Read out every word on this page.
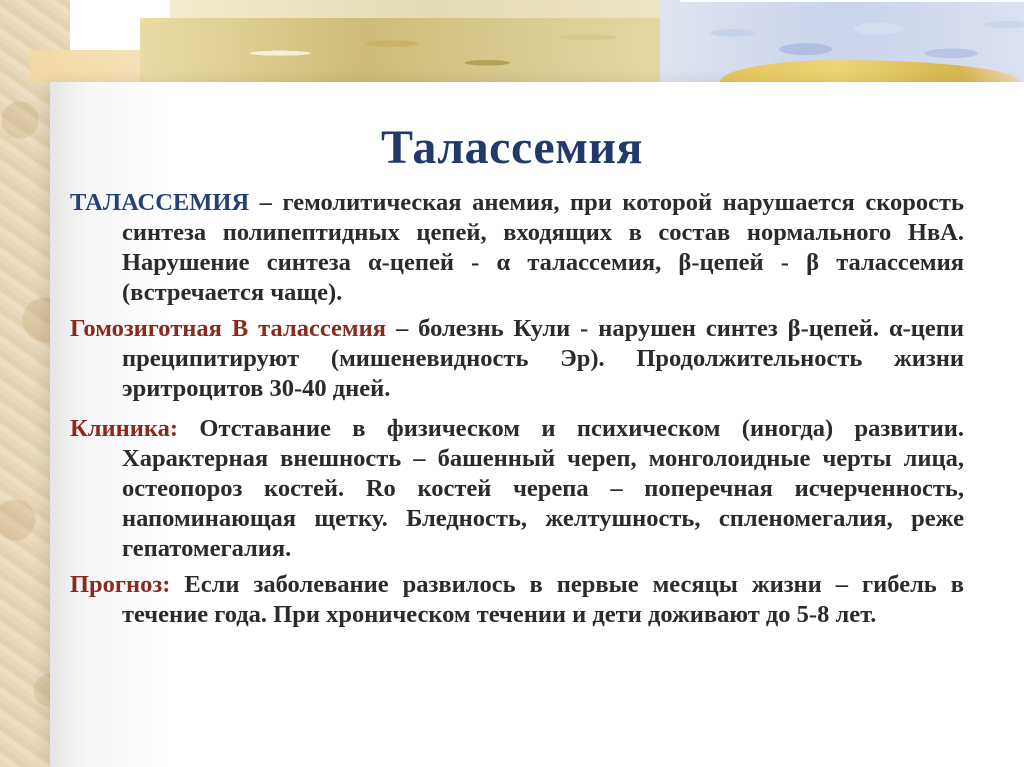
Талассемия

ТАЛАССЕМИЯ – гемолитическая анемия, при которой нарушается скорость синтеза полипептидных цепей, входящих в состав нормального НвА. Нарушение синтеза α-цепей - α талассемия, β-цепей - β талассемия (встречается чаще).

Гомозиготная В талассемия – болезнь Кули - нарушен синтез β-цепей. α-цепи преципитируют (мишеневидность Эр). Продолжительность жизни эритроцитов 30-40 дней.

Клиника: Отставание в физическом и психическом (иногда) развитии. Характерная внешность – башенный череп, монголоидные черты лица, остеопороз костей. Ro костей черепа – поперечная исчерченность, напоминающая щетку. Бледность, желтушность, спленомегалия, реже гепатомегалия.

Прогноз: Если заболевание развилось в первые месяцы жизни – гибель в течение года. При хроническом течении и дети доживают до 5-8 лет.
